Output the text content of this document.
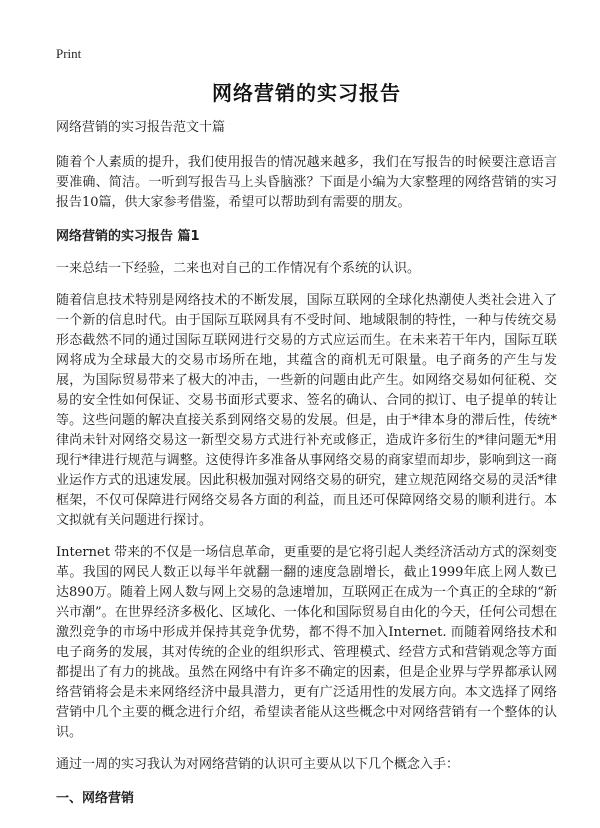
Print
网络营销的实习报告

网络营销的实习报告范文十篇

随着个人素质的提升，我们使用报告的情况越来越多，我们在写报告的时候要注意语言要准确、简洁。一听到写报告马上头昏脑涨？下面是小编为大家整理的网络营销的实习报告10篇，供大家参考借鉴，希望可以帮助到有需要的朋友。

网络营销的实习报告 篇1

一来总结一下经验，二来也对自己的工作情况有个系统的认识。

随着信息技术特别是网络技术的不断发展，国际互联网的全球化热潮使人类社会进入了一个新的信息时代。由于国际互联网具有不受时间、地域限制的特性，一种与传统交易形态截然不同的通过国际互联网进行交易的方式应运而生。在未来若干年内，国际互联网将成为全球最大的交易市场所在地，其蕴含的商机无可限量。电子商务的产生与发展，为国际贸易带来了极大的冲击，一些新的问题由此产生。如网络交易如何征税、交易的安全性如何保证、交易书面形式要求、签名的确认、合同的拟订、电子提单的转让等。这些问题的解决直接关系到网络交易的发展。但是，由于*律本身的滞后性，传统*律尚未针对网络交易这一新型交易方式进行补充或修正，造成许多衍生的*律问题无*用现行*律进行规范与调整。这使得许多准备从事网络交易的商家望而却步，影响到这一商业运作方式的迅速发展。因此积极加强对网络交易的研究，建立规范网络交易的灵活*律框架，不仅可保障进行网络交易各方面的利益，而且还可保障网络交易的顺利进行。本文拟就有关问题进行探讨。

Internet 带来的不仅是一场信息革命，更重要的是它将引起人类经济活动方式的深刻变革。我国的网民人数正以每半年就翻一翻的速度急剧增长，截止1999年底上网人数已达890万。随着上网人数与网上交易的急速增加，互联网正在成为一个真正的全球的“新兴市潮”。在世界经济多极化、区域化、一体化和国际贸易自由化的今天，任何公司想在激烈竞争的市场中形成并保持其竞争优势，都不得不加入Internet. 而随着网络技术和电子商务的发展，其对传统的企业的组织形式、管理模式、经营方式和营销观念等方面都提出了有力的挑战。虽然在网络中有许多不确定的因素，但是企业界与学界都承认网络营销将会是未来网络经济中最具潜力，更有广泛适用性的发展方向。本文选择了网络营销中几个主要的概念进行介绍，希望读者能从这些概念中对网络营销有一个整体的认识。

通过一周的实习我认为对网络营销的认识可主要从以下几个概念入手：

一、网络营销
